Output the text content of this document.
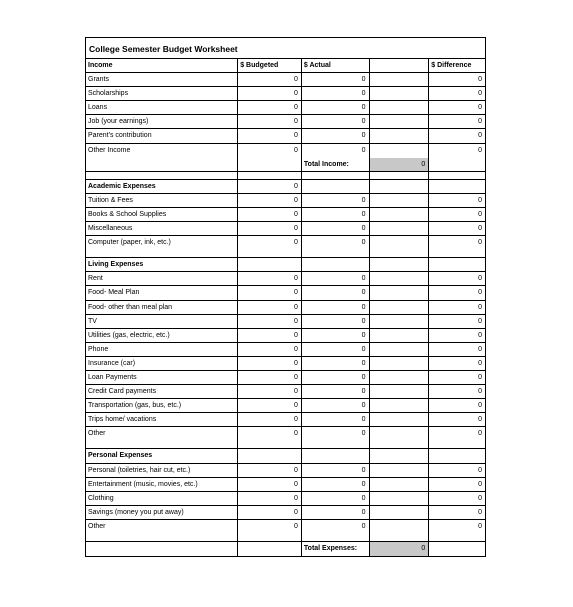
College Semester Budget Worksheet
Income	$ Budgeted	$ Actual	$ Difference
Grants	0	0	0
Scholarships	0	0	0
Loans	0	0	0
Job (your earnings)	0	0	0
Parent's contribution	0	0	0
Other Income	0	0	0
Total Income:	0
Academic Expenses	0
Tuition & Fees	0	0	0
Books & School Supplies	0	0	0
Miscellaneous	0	0	0
Computer (paper, ink, etc.)	0	0	0
Living Expenses
Rent	0	0	0
Food- Meal Plan	0	0	0
Food- other than meal plan	0	0	0
TV	0	0	0
Utilities (gas, electric, etc.)	0	0	0
Phone	0	0	0
Insurance (car)	0	0	0
Loan Payments	0	0	0
Credit Card payments	0	0	0
Transportation (gas, bus, etc.)	0	0	0
Trips home/ vacations	0	0	0
Other	0	0	0
Personal Expenses
Personal (toiletries, hair cut, etc.)	0	0	0
Entertainment (music, movies, etc.)	0	0	0
Clothing	0	0	0
Savings (money you put away)	0	0	0
Other	0	0	0
Total Expenses:	0
